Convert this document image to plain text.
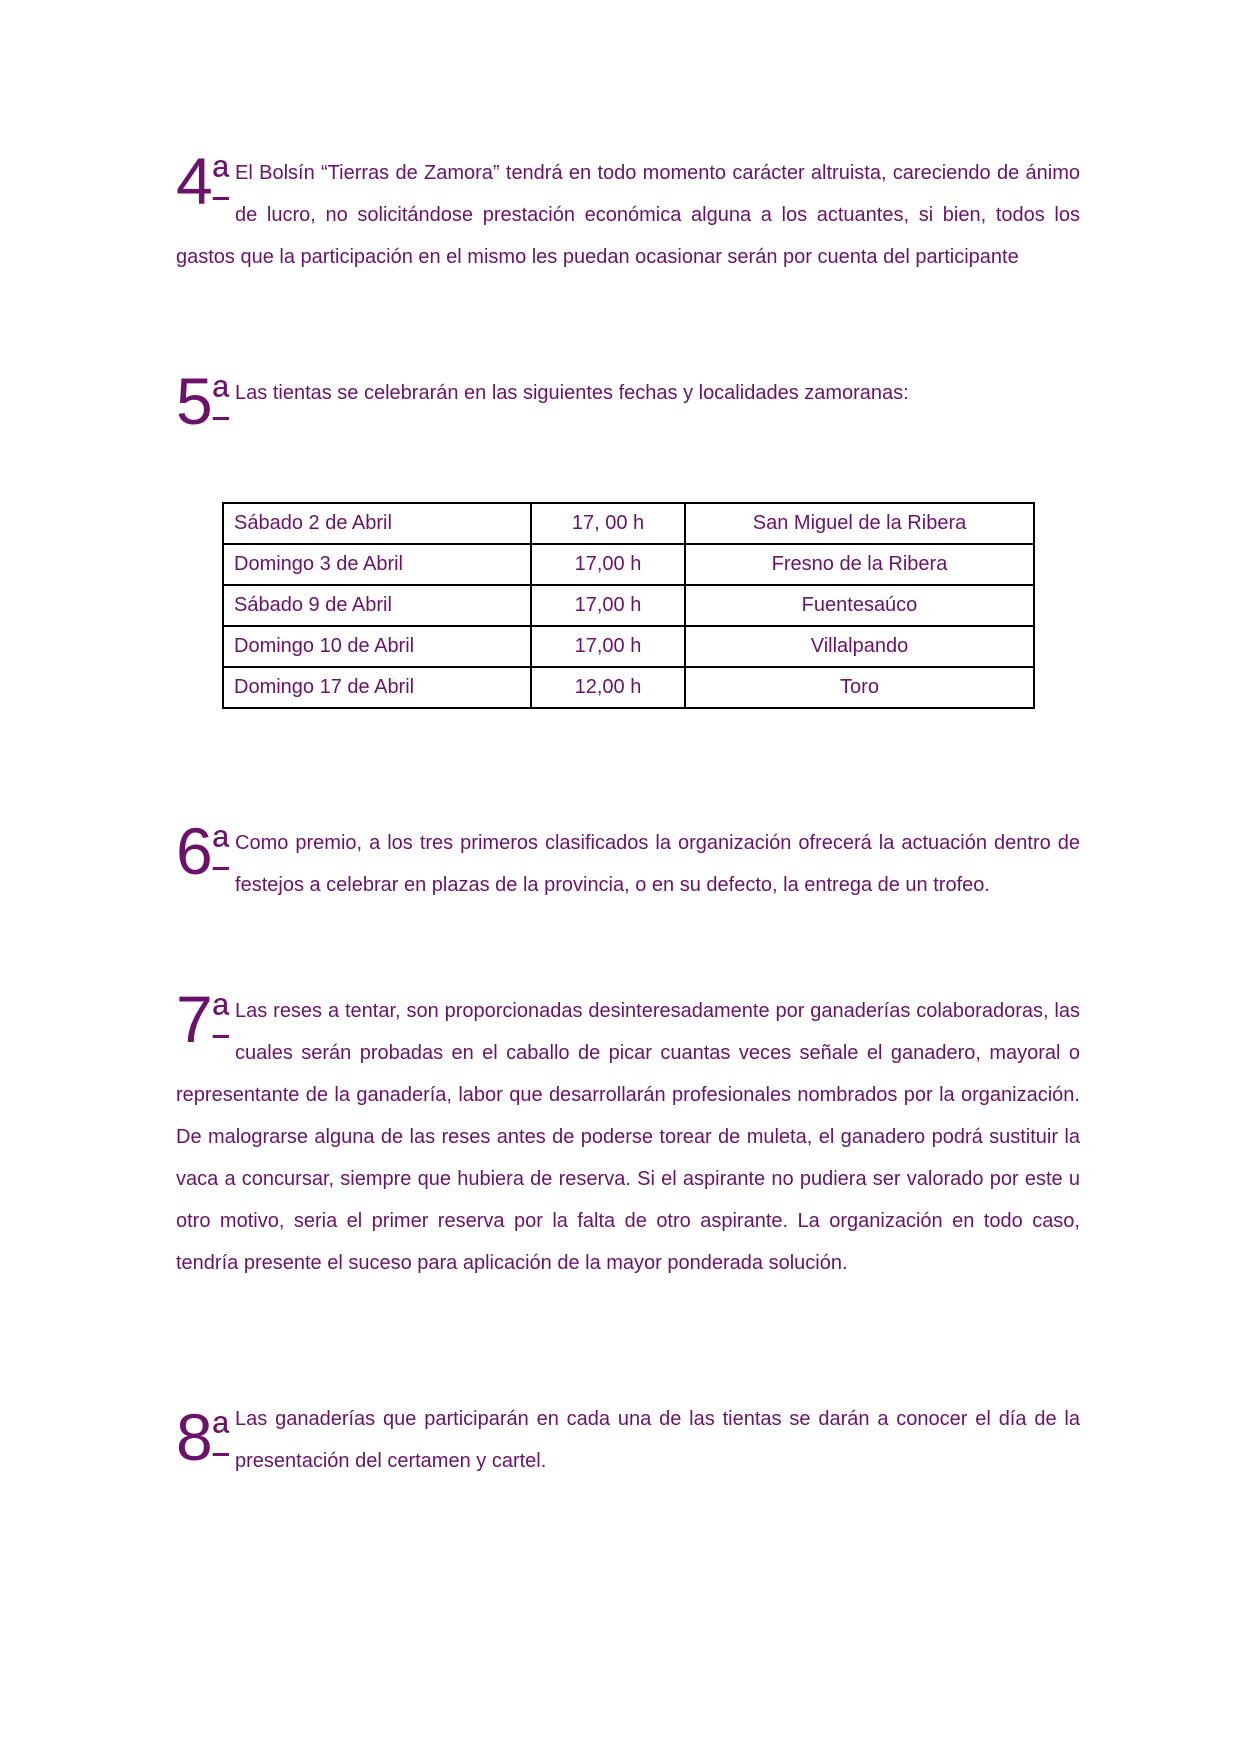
$4^ª$ El Bolsín “Tierras de Zamora” tendrá en todo momento carácter altruista, careciendo de ánimo de lucro, no solicitándose prestación económica alguna a los actuantes, si bien, todos los gastos que la participación en el mismo les puedan ocasionar serán por cuenta del participante
$5^ª$ Las tientas se celebrarán en las siguientes fechas y localidades zamoranas:
Sábado 2 de Abril	17, 00 h	San Miguel de la Ribera
Domingo 3 de Abril	17,00 h	Fresno de la Ribera
Sábado 9 de Abril	17,00 h	Fuentesaúco
Domingo 10 de Abril	17,00 h	Villalpando
Domingo 17 de Abril	12,00 h	Toro
$6^ª$ Como premio, a los tres primeros clasificados la organización ofrecerá la actuación dentro de festejos a celebrar en plazas de la provincia, o en su defecto, la entrega de un trofeo.
$7^ª$ Las reses a tentar, son proporcionadas desinteresadamente por ganaderías colaboradoras, las cuales serán probadas en el caballo de picar cuantas veces señale el ganadero, mayoral o representante de la ganadería, labor que desarrollarán profesionales nombrados por la organización. De malograrse alguna de las reses antes de poderse torear de muleta, el ganadero podrá sustituir la vaca a concursar, siempre que hubiera de reserva. Si el aspirante no pudiera ser valorado por este u otro motivo, seria el primer reserva por la falta de otro aspirante. La organización en todo caso, tendría presente el suceso para aplicación de la mayor ponderada solución.
$8^ª$ Las ganaderías que participarán en cada una de las tientas se darán a conocer el día de la presentación del certamen y cartel.
